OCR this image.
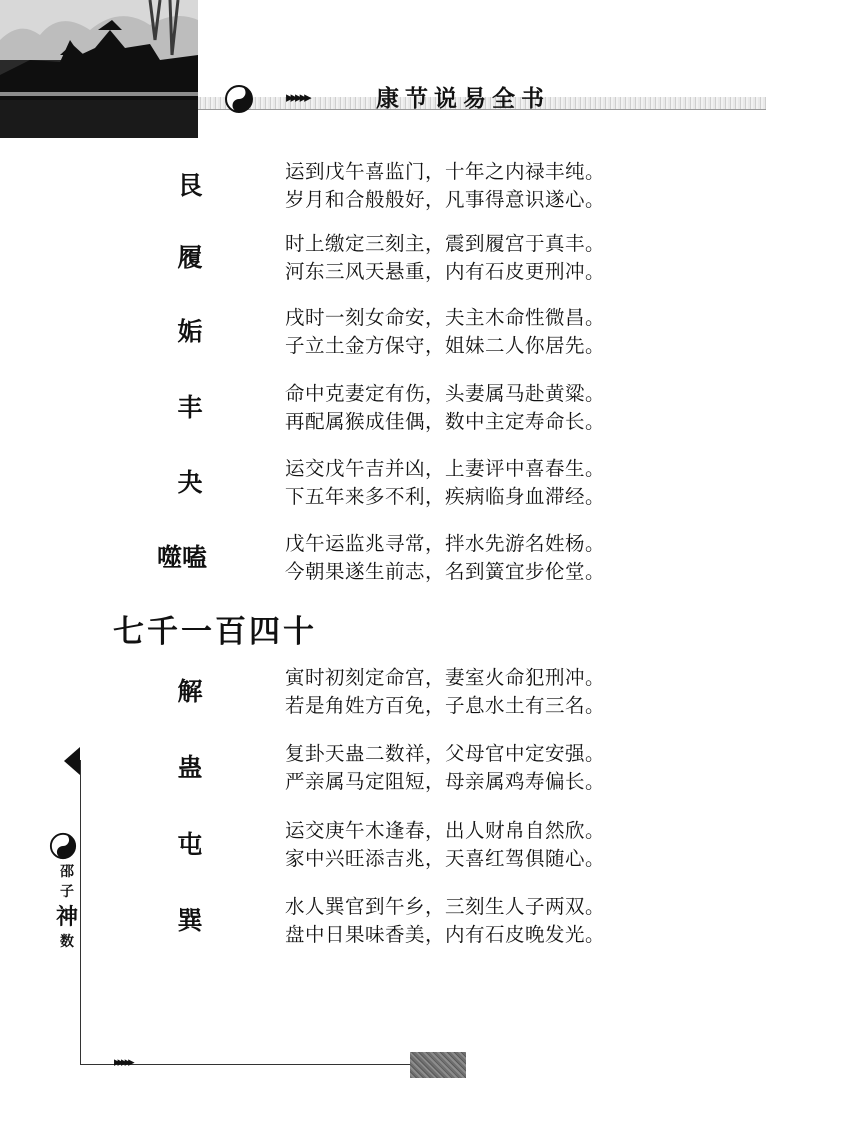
▸▸▸▸▸	康节说易全书
艮	运到戊午喜监门，十年之内禄丰纯。
岁月和合般般好，凡事得意识遂心。
履	时上缴定三刻主，震到履宫于真丰。
河东三风天悬重，内有石皮更刑冲。
姤	戌时一刻女命安，夫主木命性微昌。
子立土金方保守，姐妹二人你居先。
丰	命中克妻定有伤，头妻属马赴黄粱。
再配属猴成佳偶，数中主定寿命长。
夬	运交戊午吉并凶，上妻评中喜春生。
下五年来多不利，疾病临身血滞经。
噬嗑	戊午运监兆寻常，拌水先游名姓杨。
今朝果遂生前志，名到簧宜步伦堂。
七千一百四十
解	寅时初刻定命宫，妻室火命犯刑冲。
若是角姓方百免，子息水土有三名。
蛊	复卦天蛊二数祥，父母官中定安强。
严亲属马定阻短，母亲属鸡寿偏长。
屯	运交庚午木逢春，出人财帛自然欣。
家中兴旺添吉兆，天喜红驾俱随心。
巽	水人巽官到午乡，三刻生人子两双。
盘中日果味香美，内有石皮晚发光。
邵
子
神
数
▸▸▸▸▸
